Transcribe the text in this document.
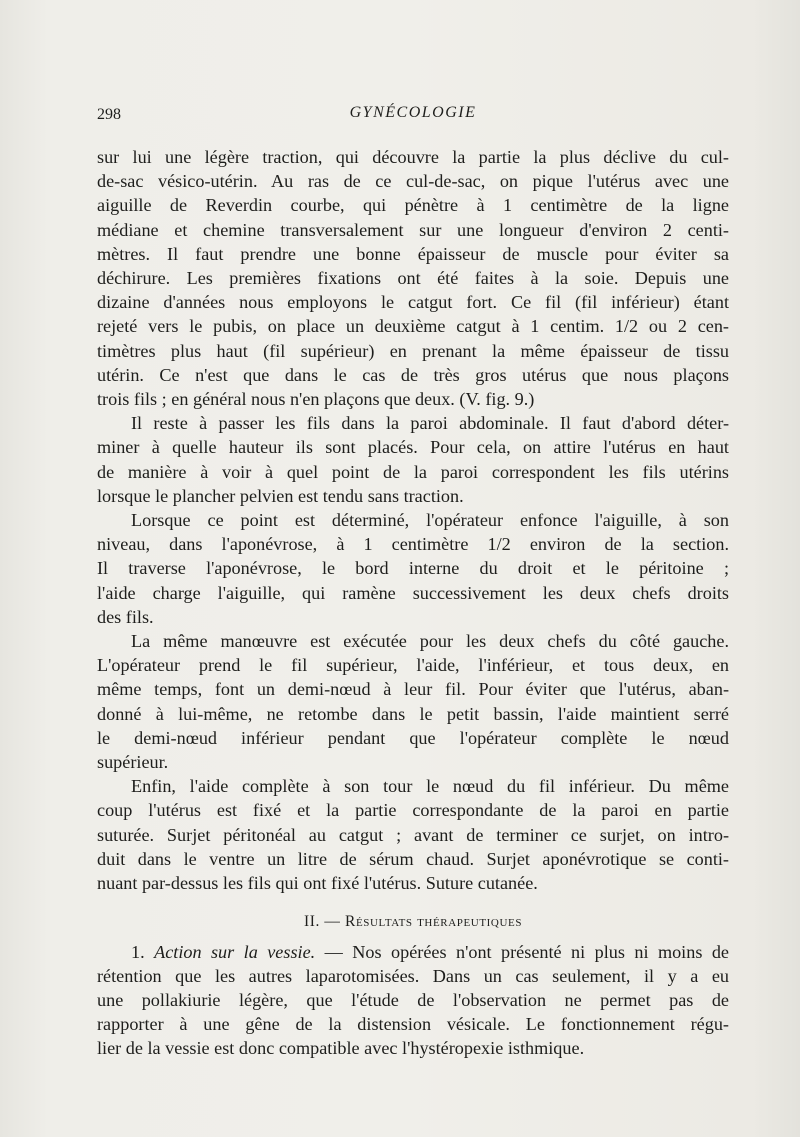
298	GYNÉCOLOGIE

sur lui une légère traction, qui découvre la partie la plus déclive du cul-

de-sac vésico-utérin. Au ras de ce cul-de-sac, on pique l'utérus avec une

aiguille de Reverdin courbe, qui pénètre à 1 centimètre de la ligne

médiane et chemine transversalement sur une longueur d'environ 2 centi-

mètres. Il faut prendre une bonne épaisseur de muscle pour éviter sa

déchirure. Les premières fixations ont été faites à la soie. Depuis une

dizaine d'années nous employons le catgut fort. Ce fil (fil inférieur) étant

rejeté vers le pubis, on place un deuxième catgut à 1 centim. 1/2 ou 2 cen-

timètres plus haut (fil supérieur) en prenant la même épaisseur de tissu

utérin. Ce n'est que dans le cas de très gros utérus que nous plaçons

trois fils ; en général nous n'en plaçons que deux. (V. fig. 9.)

Il reste à passer les fils dans la paroi abdominale. Il faut d'abord déter-

miner à quelle hauteur ils sont placés. Pour cela, on attire l'utérus en haut

de manière à voir à quel point de la paroi correspondent les fils utérins

lorsque le plancher pelvien est tendu sans traction.

Lorsque ce point est déterminé, l'opérateur enfonce l'aiguille, à son

niveau, dans l'aponévrose, à 1 centimètre 1/2 environ de la section.

Il traverse l'aponévrose, le bord interne du droit et le péritoine ;

l'aide charge l'aiguille, qui ramène successivement les deux chefs droits

des fils.

La même manœuvre est exécutée pour les deux chefs du côté gauche.

L'opérateur prend le fil supérieur, l'aide, l'inférieur, et tous deux, en

même temps, font un demi-nœud à leur fil. Pour éviter que l'utérus, aban-

donné à lui-même, ne retombe dans le petit bassin, l'aide maintient serré

le demi-nœud inférieur pendant que l'opérateur complète le nœud

supérieur.

Enfin, l'aide complète à son tour le nœud du fil inférieur. Du même

coup l'utérus est fixé et la partie correspondante de la paroi en partie

suturée. Surjet péritonéal au catgut ; avant de terminer ce surjet, on intro-

duit dans le ventre un litre de sérum chaud. Surjet aponévrotique se conti-

nuant par-dessus les fils qui ont fixé l'utérus. Suture cutanée.

II. — Résultats thérapeutiques

1. Action sur la vessie. — Nos opérées n'ont présenté ni plus ni moins de

rétention que les autres laparotomisées. Dans un cas seulement, il y a eu

une pollakiurie légère, que l'étude de l'observation ne permet pas de

rapporter à une gêne de la distension vésicale. Le fonctionnement régu-

lier de la vessie est donc compatible avec l'hystéropexie isthmique.
